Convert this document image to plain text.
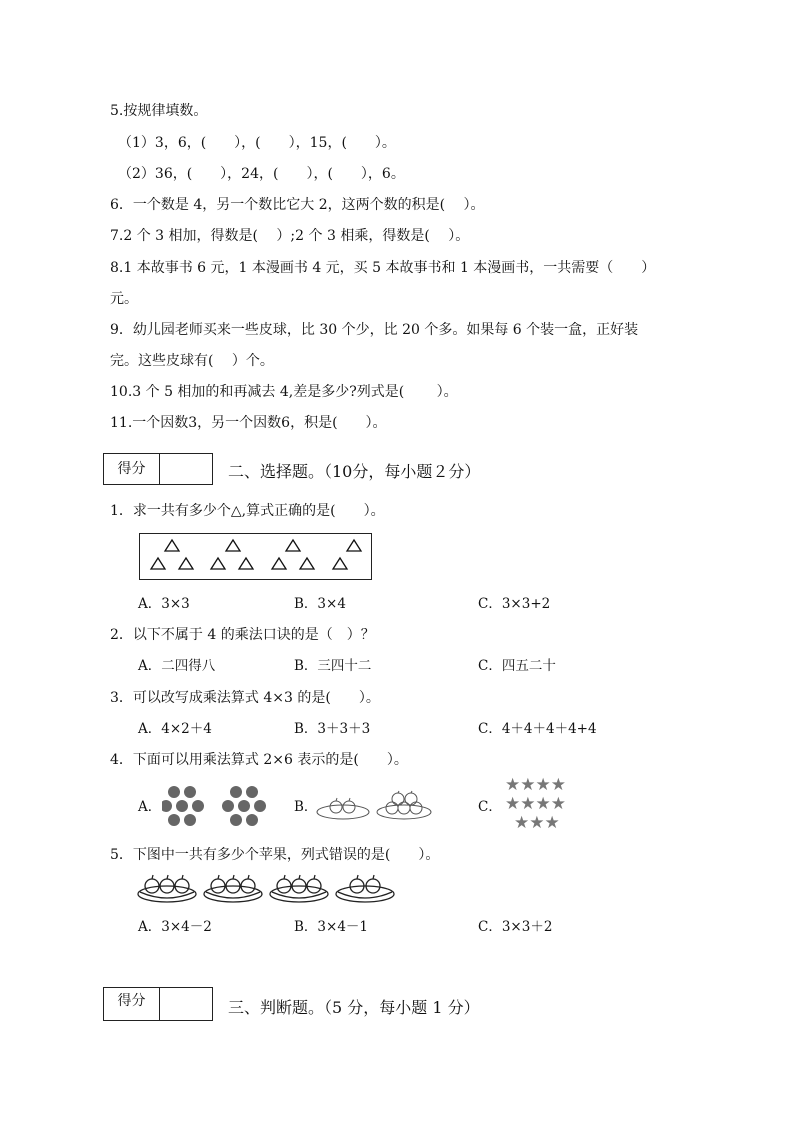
5.按规律填数。
（1）3，6，(　　），(　　），15，(　　）。
（2）36，(　　），24，(　　），(　　），6。
6．一个数是 4，另一个数比它大 2，这两个数的积是(　 ）。
7.2 个 3 相加，得数是(　 ）;2 个 3 相乘，得数是(　 ）。
8.1 本故事书 6 元，1 本漫画书 4 元，买 5 本故事书和 1 本漫画书，一共需要（　　）
元。
9．幼儿园老师买来一些皮球，比 30 个少，比 20 个多。如果每 6 个装一盒，正好装
完。这些皮球有(　 ）个。
10.3 个 5 相加的和再减去 4,差是多少?列式是(　　 ）。
11.一个因数3，另一个因数6，积是(　　）。
得分	二、选择题。（10分，每小题２分）
1．求一共有多少个△,算式正确的是(　　）。
A．3×3	B．3×4	C．3×3+2
2．以下不属于 4 的乘法口诀的是（　）？
A．二四得八	B．三四十二	C．四五二十
3．可以改写成乘法算式 4×3 的是(　　）。
A．4×2＋4	B．3＋3＋3	C．4＋4＋4＋4+4
4．下面可以用乘法算式 2×6 表示的是(　　）。
A．	B．	C．
★★★★
★★★★
★★★
5．下图中一共有多少个苹果，列式错误的是(　　）。
A．3×4－2	B．3×4－1	C．3×3＋2
得分	三、判断题。（5 分，每小题 1 分）
